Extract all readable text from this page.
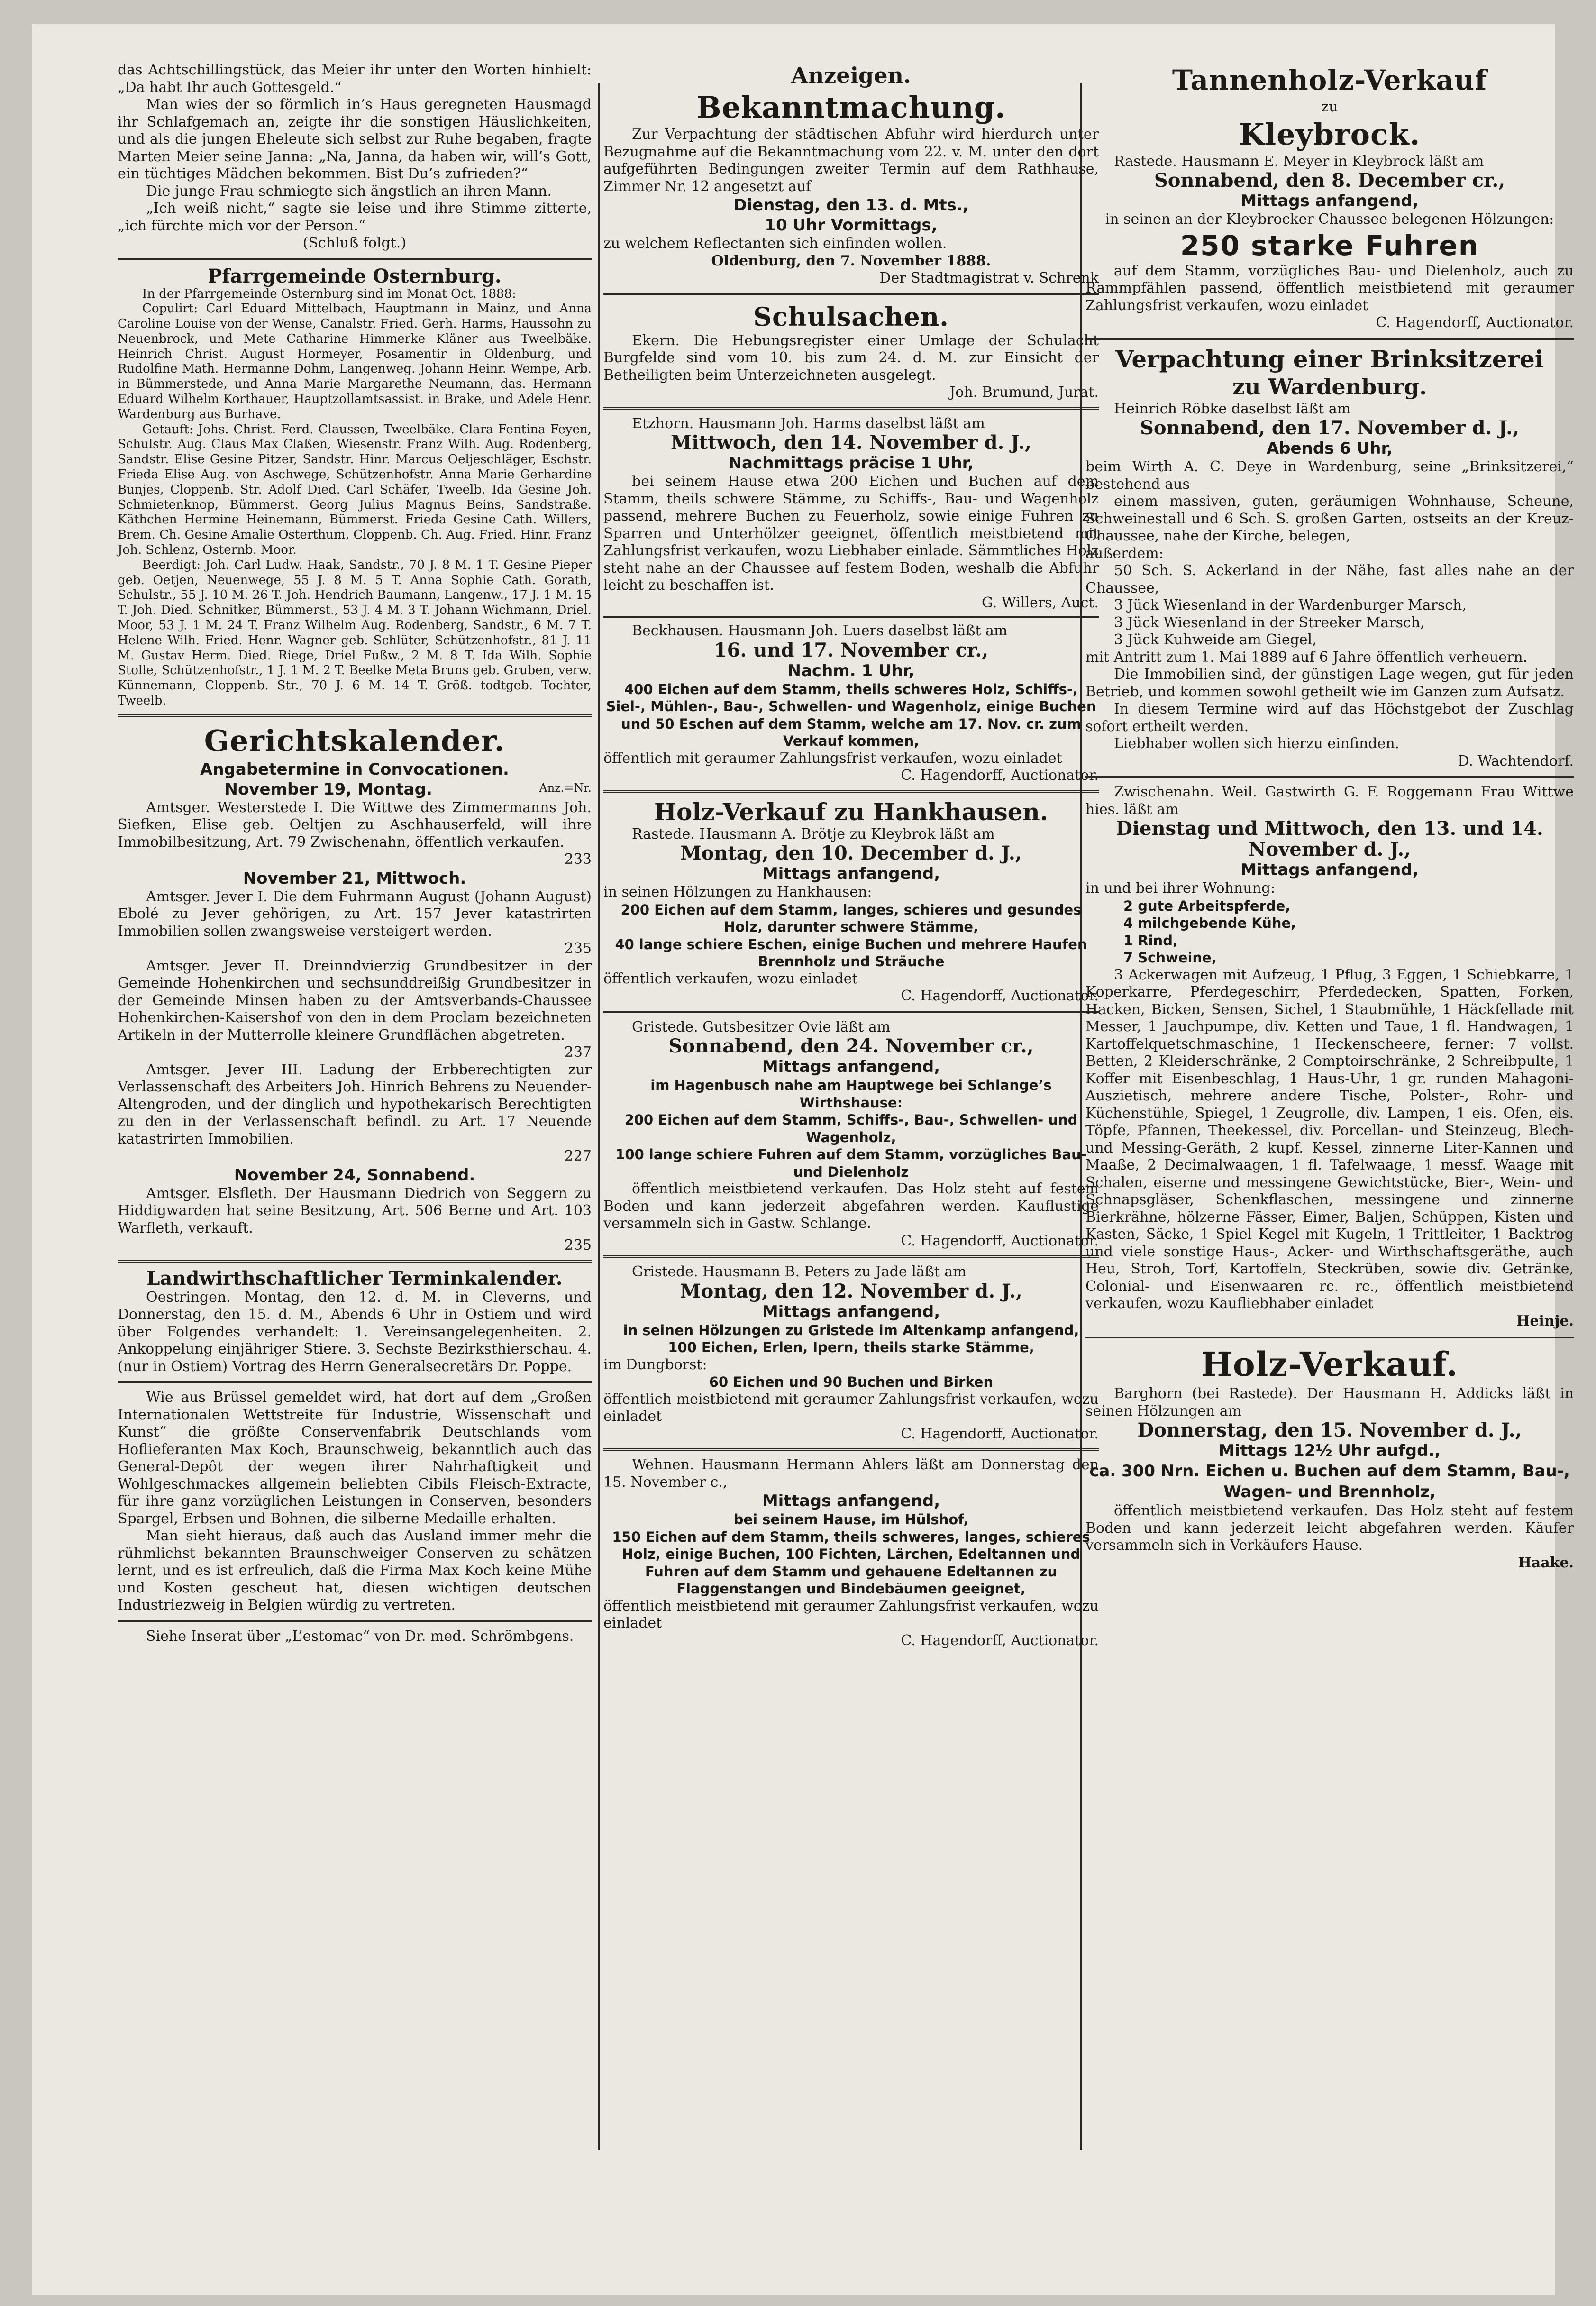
das Achtschillingstück, das Meier ihr unter den Worten hinhielt: „Da habt Ihr auch Gottesgeld.“

Man wies der so förmlich in’s Haus geregneten Hausmagd ihr Schlafgemach an, zeigte ihr die sonstigen Häuslichkeiten, und als die jungen Eheleute sich selbst zur Ruhe begaben, fragte Marten Meier seine Janna: „Na, Janna, da haben wir, will’s Gott, ein tüchtiges Mädchen bekommen. Bist Du’s zufrieden?“

Die junge Frau schmiegte sich ängstlich an ihren Mann.

„Ich weiß nicht,“ sagte sie leise und ihre Stimme zitterte, „ich fürchte mich vor der Person.“

(Schluß folgt.)

Pfarrgemeinde Osternburg.

In der Pfarrgemeinde Osternburg sind im Monat Oct. 1888:

Copulirt: Carl Eduard Mittelbach, Hauptmann in Mainz, und Anna Caroline Louise von der Wense, Canalstr. Fried. Gerh. Harms, Haussohn zu Neuenbrock, und Mete Catharine Himmerke Kläner aus Tweelbäke. Heinrich Christ. August Hormeyer, Posamentir in Oldenburg, und Rudolfine Math. Hermanne Dohm, Langenweg. Johann Heinr. Wempe, Arb. in Bümmerstede, und Anna Marie Margarethe Neumann, das. Hermann Eduard Wilhelm Korthauer, Hauptzollamtsassist. in Brake, und Adele Henr. Wardenburg aus Burhave.

Getauft: Johs. Christ. Ferd. Claussen, Tweelbäke. Clara Fentina Feyen, Schulstr. Aug. Claus Max Claßen, Wiesenstr. Franz Wilh. Aug. Rodenberg, Sandstr. Elise Gesine Pitzer, Sandstr. Hinr. Marcus Oeljeschläger, Eschstr. Frieda Elise Aug. von Aschwege, Schützenhofstr. Anna Marie Gerhardine Bunjes, Cloppenb. Str. Adolf Died. Carl Schäfer, Tweelb. Ida Gesine Joh. Schmietenknop, Bümmerst. Georg Julius Magnus Beins, Sandstraße. Käthchen Hermine Heinemann, Bümmerst. Frieda Gesine Cath. Willers, Brem. Ch. Gesine Amalie Osterthum, Cloppenb. Ch. Aug. Fried. Hinr. Franz Joh. Schlenz, Osternb. Moor.

Beerdigt: Joh. Carl Ludw. Haak, Sandstr., 70 J. 8 M. 1 T. Gesine Pieper geb. Oetjen, Neuenwege, 55 J. 8 M. 5 T. Anna Sophie Cath. Gorath, Schulstr., 55 J. 10 M. 26 T. Joh. Hendrich Baumann, Langenw., 17 J. 1 M. 15 T. Joh. Died. Schnitker, Bümmerst., 53 J. 4 M. 3 T. Johann Wichmann, Driel. Moor, 53 J. 1 M. 24 T. Franz Wilhelm Aug. Rodenberg, Sandstr., 6 M. 7 T. Helene Wilh. Fried. Henr. Wagner geb. Schlüter, Schützenhofstr., 81 J. 11 M. Gustav Herm. Died. Riege, Driel Fußw., 2 M. 8 T. Ida Wilh. Sophie Stolle, Schützenhofstr., 1 J. 1 M. 2 T. Beelke Meta Bruns geb. Gruben, verw. Künnemann, Cloppenb. Str., 70 J. 6 M. 14 T. Größ. todtgeb. Tochter, Tweelb.

Gerichtskalender.
Angabetermine in Convocationen.
November 19, Montag.	Anz.=Nr.

Amtsger. Westerstede I. Die Wittwe des Zimmermanns Joh. Siefken, Elise geb. Oeltjen zu Aschhauserfeld, will ihre Immobilbesitzung, Art. 79 Zwischenahn, öffentlich verkaufen.

233

November 21, Mittwoch.

Amtsger. Jever I. Die dem Fuhrmann August (Johann August) Ebolé zu Jever gehörigen, zu Art. 157 Jever katastrirten Immobilien sollen zwangsweise versteigert werden.

235

Amtsger. Jever II. Dreinndvierzig Grundbesitzer in der Gemeinde Hohenkirchen und sechsunddreißig Grundbesitzer in der Gemeinde Minsen haben zu der Amtsverbands-Chaussee Hohenkirchen-Kaisershof von den in dem Proclam bezeichneten Artikeln in der Mutterrolle kleinere Grundflächen abgetreten.

237

Amtsger. Jever III. Ladung der Erbberechtigten zur Verlassenschaft des Arbeiters Joh. Hinrich Behrens zu Neuender-Altengroden, und der dinglich und hypothekarisch Berechtigten zu den in der Verlassenschaft befindl. zu Art. 17 Neuende katastrirten Immobilien.

227

November 24, Sonnabend.

Amtsger. Elsfleth. Der Hausmann Diedrich von Seggern zu Hiddigwarden hat seine Besitzung, Art. 506 Berne und Art. 103 Warfleth, verkauft.

235

Landwirthschaftlicher Terminkalender.

Oestringen. Montag, den 12. d. M. in Cleverns, und Donnerstag, den 15. d. M., Abends 6 Uhr in Ostiem und wird über Folgendes verhandelt: 1. Vereinsangelegenheiten. 2. Ankoppelung einjähriger Stiere. 3. Sechste Bezirksthierschau. 4. (nur in Ostiem) Vortrag des Herrn Generalsecretärs Dr. Poppe.

Wie aus Brüssel gemeldet wird, hat dort auf dem „Großen Internationalen Wettstreite für Industrie, Wissenschaft und Kunst“ die größte Conservenfabrik Deutschlands vom Hoflieferanten Max Koch, Braunschweig, bekanntlich auch das General-Depôt der wegen ihrer Nahrhaftigkeit und Wohlgeschmackes allgemein beliebten Cibils Fleisch-Extracte, für ihre ganz vorzüglichen Leistungen in Conserven, besonders Spargel, Erbsen und Bohnen, die silberne Medaille erhalten.

Man sieht hieraus, daß auch das Ausland immer mehr die rühmlichst bekannten Braunschweiger Conserven zu schätzen lernt, und es ist erfreulich, daß die Firma Max Koch keine Mühe und Kosten gescheut hat, diesen wichtigen deutschen Industriezweig in Belgien würdig zu vertreten.

Siehe Inserat über „L’estomac“ von Dr. med. Schrömbgens.

Anzeigen.
Bekanntmachung.

Zur Verpachtung der städtischen Abfuhr wird hierdurch unter Bezugnahme auf die Bekanntmachung vom 22. v. M. unter den dort aufgeführten Bedingungen zweiter Termin auf dem Rathhause, Zimmer Nr. 12 angesetzt auf

Dienstag, den 13. d. Mts.,
10 Uhr Vormittags,

zu welchem Reflectanten sich einfinden wollen.

Oldenburg, den 7. November 1888.

Der Stadtmagistrat v. Schrenk

Schulsachen.

Ekern. Die Hebungsregister einer Umlage der Schulacht Burgfelde sind vom 10. bis zum 24. d. M. zur Einsicht der Betheiligten beim Unterzeichneten ausgelegt.

Joh. Brumund, Jurat.

Etzhorn. Hausmann Joh. Harms daselbst läßt am

Mittwoch, den 14. November d. J.,
Nachmittags präcise 1 Uhr,

bei seinem Hause etwa 200 Eichen und Buchen auf dem Stamm, theils schwere Stämme, zu Schiffs-, Bau- und Wagenholz passend, mehrere Buchen zu Feuerholz, sowie einige Fuhren zu Sparren und Unterhölzer geeignet, öffentlich meistbietend mit Zahlungsfrist verkaufen, wozu Liebhaber einlade. Sämmtliches Holz steht nahe an der Chaussee auf festem Boden, weshalb die Abfuhr leicht zu beschaffen ist.

G. Willers, Auct.

Beckhausen. Hausmann Joh. Luers daselbst läßt am

16. und 17. November cr.,
Nachm. 1 Uhr,

400 Eichen auf dem Stamm, theils schweres Holz, Schiffs-, Siel-, Mühlen-, Bau-, Schwellen- und Wagenholz, einige Buchen und 50 Eschen auf dem Stamm, welche am 17. Nov. cr. zum Verkauf kommen,

öffentlich mit geraumer Zahlungsfrist verkaufen, wozu einladet

C. Hagendorff, Auctionator.

Holz-Verkauf zu Hankhausen.

Rastede. Hausmann A. Brötje zu Kleybrok läßt am

Montag, den 10. December d. J.,
Mittags anfangend,

in seinen Hölzungen zu Hankhausen:

200 Eichen auf dem Stamm, langes, schieres und gesundes Holz, darunter schwere Stämme,

40 lange schiere Eschen, einige Buchen und mehrere Haufen Brennholz und Sträuche

öffentlich verkaufen, wozu einladet

C. Hagendorff, Auctionator.

Gristede. Gutsbesitzer Ovie läßt am

Sonnabend, den 24. November cr.,
Mittags anfangend,

im Hagenbusch nahe am Hauptwege bei Schlange’s Wirthshause:

200 Eichen auf dem Stamm, Schiffs-, Bau-, Schwellen- und Wagenholz,

100 lange schiere Fuhren auf dem Stamm, vorzügliches Bau- und Dielenholz

öffentlich meistbietend verkaufen. Das Holz steht auf festem Boden und kann jederzeit abgefahren werden. Kauflustige versammeln sich in Gastw. Schlange.

C. Hagendorff, Auctionator.

Gristede. Hausmann B. Peters zu Jade läßt am

Montag, den 12. November d. J.,
Mittags anfangend,

in seinen Hölzungen zu Gristede im Altenkamp anfangend,

100 Eichen, Erlen, Ipern, theils starke Stämme,

im Dungborst:

60 Eichen und 90 Buchen und Birken

öffentlich meistbietend mit geraumer Zahlungsfrist verkaufen, wozu einladet

C. Hagendorff, Auctionator.

Wehnen. Hausmann Hermann Ahlers läßt am Donnerstag den 15. November c.,

Mittags anfangend,

bei seinem Hause, im Hülshof,

150 Eichen auf dem Stamm, theils schweres, langes, schieres Holz, einige Buchen, 100 Fichten, Lärchen, Edeltannen und Fuhren auf dem Stamm und gehauene Edeltannen zu Flaggenstangen und Bindebäumen geeignet,

öffentlich meistbietend mit geraumer Zahlungsfrist verkaufen, wozu einladet

C. Hagendorff, Auctionator.

Tannenholz-Verkauf
zu
Kleybrock.

Rastede. Hausmann E. Meyer in Kleybrock läßt am

Sonnabend, den 8. December cr.,
Mittags anfangend,

in seinen an der Kleybrocker Chaussee belegenen Hölzungen:

250 starke Fuhren

auf dem Stamm, vorzügliches Bau- und Dielenholz, auch zu Rammpfählen passend, öffentlich meistbietend mit geraumer Zahlungsfrist verkaufen, wozu einladet

C. Hagendorff, Auctionator.

Verpachtung einer Brinksitzerei
zu Wardenburg.

Heinrich Röbke daselbst läßt am

Sonnabend, den 17. November d. J.,
Abends 6 Uhr,

beim Wirth A. C. Deye in Wardenburg, seine „Brinksitzerei,“ bestehend aus

einem massiven, guten, geräumigen Wohnhause, Scheune, Schweinestall und 6 Sch. S. großen Garten, ostseits an der Kreuz-Chaussee, nahe der Kirche, belegen,

außerdem:

50 Sch. S. Ackerland in der Nähe, fast alles nahe an der Chaussee,

3 Jück Wiesenland in der Wardenburger Marsch,

3 Jück Wiesenland in der Streeker Marsch,

3 Jück Kuhweide am Giegel,

mit Antritt zum 1. Mai 1889 auf 6 Jahre öffentlich verheuern.

Die Immobilien sind, der günstigen Lage wegen, gut für jeden Betrieb, und kommen sowohl getheilt wie im Ganzen zum Aufsatz.

In diesem Termine wird auf das Höchstgebot der Zuschlag sofort ertheilt werden.

Liebhaber wollen sich hierzu einfinden.

D. Wachtendorf.

Zwischenahn. Weil. Gastwirth G. F. Roggemann Frau Wittwe hies. läßt am

Dienstag und Mittwoch, den 13. und 14. November d. J.,
Mittags anfangend,

in und bei ihrer Wohnung:

2 gute Arbeitspferde,

4 milchgebende Kühe,

1 Rind,

7 Schweine,

3 Ackerwagen mit Aufzeug, 1 Pflug, 3 Eggen, 1 Schiebkarre, 1 Koperkarre, Pferdegeschirr, Pferdedecken, Spatten, Forken, Hacken, Bicken, Sensen, Sichel, 1 Staubmühle, 1 Häckfellade mit Messer, 1 Jauchpumpe, div. Ketten und Taue, 1 fl. Handwagen, 1 Kartoffelquetschmaschine, 1 Heckenscheere, ferner: 7 vollst. Betten, 2 Kleiderschränke, 2 Comptoirschränke, 2 Schreibpulte, 1 Koffer mit Eisenbeschlag, 1 Haus-Uhr, 1 gr. runden Mahagoni-Auszietisch, mehrere andere Tische, Polster-, Rohr- und Küchenstühle, Spiegel, 1 Zeugrolle, div. Lampen, 1 eis. Ofen, eis. Töpfe, Pfannen, Theekessel, div. Porcellan- und Steinzeug, Blech- und Messing-Geräth, 2 kupf. Kessel, zinnerne Liter-Kannen und Maaße, 2 Decimalwaagen, 1 fl. Tafelwaage, 1 messf. Waage mit Schalen, eiserne und messingene Gewichtstücke, Bier-, Wein- und Schnapsgläser, Schenkflaschen, messingene und zinnerne Bierkrähne, hölzerne Fässer, Eimer, Baljen, Schüppen, Kisten und Kasten, Säcke, 1 Spiel Kegel mit Kugeln, 1 Trittleiter, 1 Backtrog und viele sonstige Haus-, Acker- und Wirthschaftsgeräthe, auch Heu, Stroh, Torf, Kartoffeln, Steckrüben, sowie div. Getränke, Colonial- und Eisenwaaren rc. rc., öffentlich meistbietend verkaufen, wozu Kaufliebhaber einladet

Heinje.

Holz-Verkauf.

Barghorn (bei Rastede). Der Hausmann H. Addicks läßt in seinen Hölzungen am

Donnerstag, den 15. November d. J.,
Mittags 12½ Uhr aufgd.,

ca. 300 Nrn. Eichen u. Buchen auf dem Stamm, Bau-, Wagen- und Brennholz,

öffentlich meistbietend verkaufen. Das Holz steht auf festem Boden und kann jederzeit leicht abgefahren werden. Käufer versammeln sich in Verkäufers Hause.

Haake.
